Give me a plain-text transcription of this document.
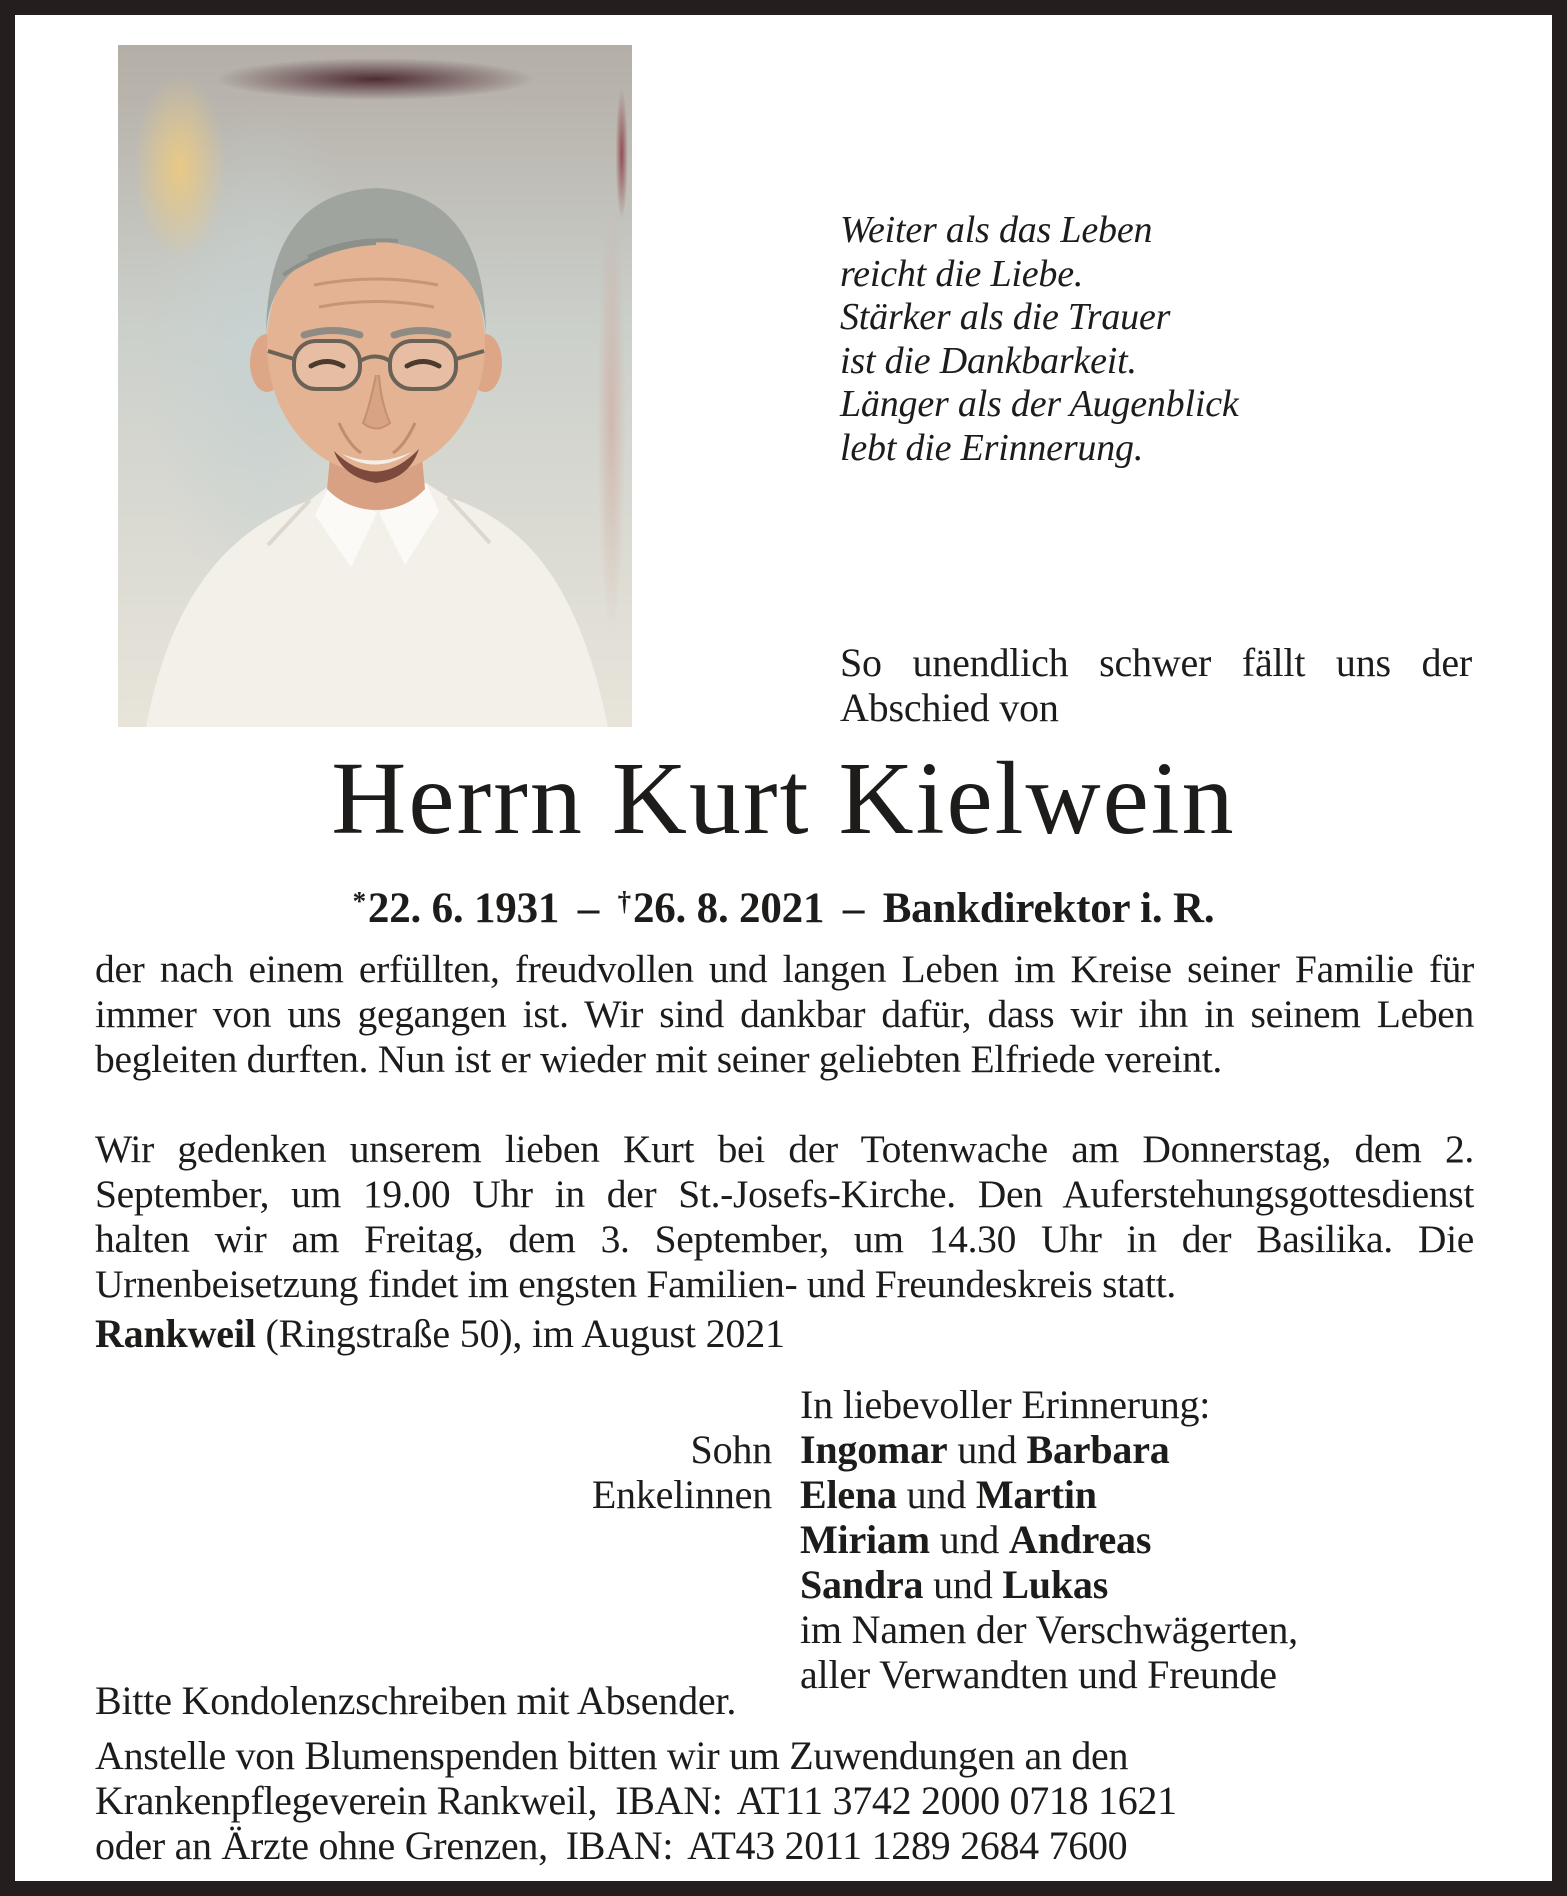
Weiter als das Leben
reicht die Liebe.
Stärker als die Trauer
ist die Dankbarkeit.
Länger als der Augenblick
lebt die Erinnerung.
So unendlich schwer fällt uns der Abschied von
Herrn Kurt Kielwein
*22. 6. 1931 – †26. 8. 2021 – Bankdirektor i. R.
der nach einem erfüllten, freudvollen und langen Leben im Kreise seiner Familie für immer von uns gegangen ist. Wir sind dankbar dafür, dass wir ihn in seinem Leben begleiten durften. Nun ist er wieder mit seiner geliebten Elfriede vereint.
Wir gedenken unserem lieben Kurt bei der Totenwache am Donnerstag, dem 2. September, um 19.00 Uhr in der St.-Josefs-Kirche. Den Auferstehungsgottesdienst halten wir am Freitag, dem 3. September, um 14.30 Uhr in der Basilika. Die Urnenbeisetzung findet im engsten Familien- und Freundeskreis statt.
Rankweil (Ringstraße 50), im August 2021
In liebevoller Erinnerung:
Sohn Ingomar und Barbara
Enkelinnen Elena und Martin
Miriam und Andreas
Sandra und Lukas
im Namen der Verschwägerten,
aller Verwandten und Freunde
Bitte Kondolenzschreiben mit Absender.
Anstelle von Blumenspenden bitten wir um Zuwendungen an den
Krankenpflegeverein Rankweil, IBAN: AT11 3742 2000 0718 1621
oder an Ärzte ohne Grenzen, IBAN: AT43 2011 1289 2684 7600
